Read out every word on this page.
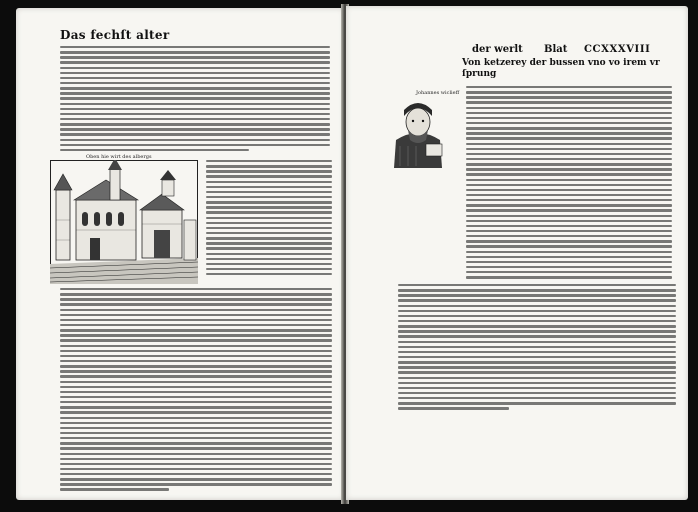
Das fechſt alter
Oben hie wirt des albergs
der werlt Blat CCXXXVIII
Von ketzerey der bussen vno vo irem vr ſprung
Johannes wiclieff
